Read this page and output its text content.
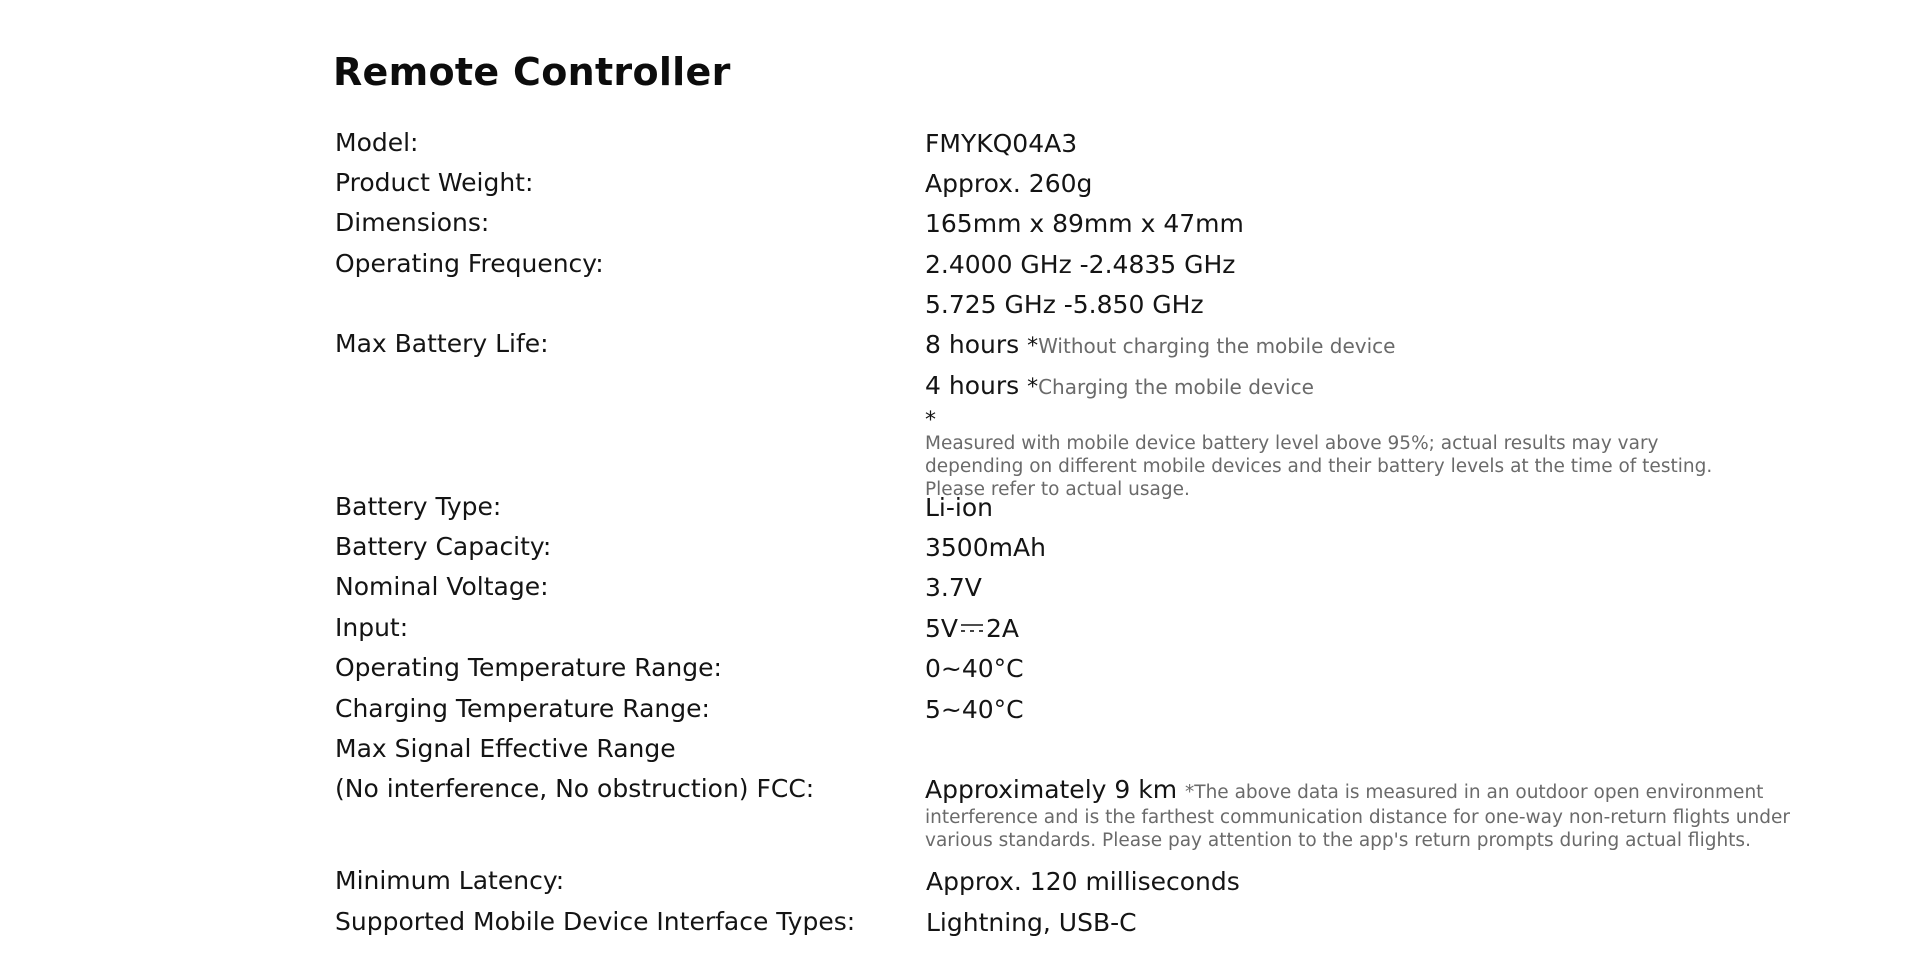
Remote Controller
Model:	FMYKQ04A3
Product Weight:	Approx. 260g
Dimensions:	165mm x 89mm x 47mm
Operating Frequency:	2.4000 GHz -2.4835 GHz
5.725 GHz -5.850 GHz
Max Battery Life:	8 hours *Without charging the mobile device
4 hours *Charging the mobile device
*
Measured with mobile device battery level above 95%; actual results may vary
depending on different mobile devices and their battery levels at the time of testing.
Please refer to actual usage.
Battery Type:	Li-ion
Battery Capacity:	3500mAh
Nominal Voltage:	3.7V
Input:	5V 2A
Operating Temperature Range:	0~40°C
Charging Temperature Range:	5~40°C
Max Signal Effective Range
(No interference, No obstruction) FCC:	Approximately 9 km *The above data is measured in an outdoor open environment
interference and is the farthest communication distance for one-way non-return flights under
various standards. Please pay attention to the app's return prompts during actual flights.
Minimum Latency:	Approx. 120 milliseconds
Supported Mobile Device Interface Types:	Lightning, USB-C
